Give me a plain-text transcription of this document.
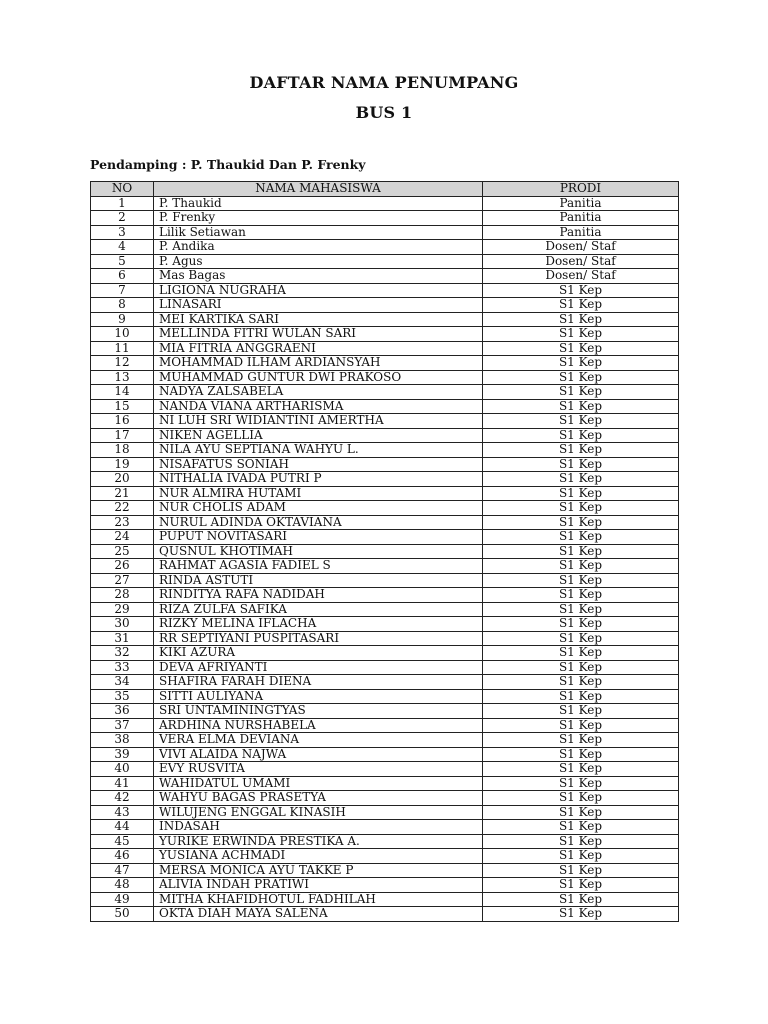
DAFTAR NAMA PENUMPANG
BUS 1
Pendamping : P. Thaukid Dan P. Frenky
NO	NAMA MAHASISWA	PRODI
1	P. Thaukid	Panitia
2	P. Frenky	Panitia
3	Lilik Setiawan	Panitia
4	P. Andika	Dosen/ Staf
5	P. Agus	Dosen/ Staf
6	Mas Bagas	Dosen/ Staf
7	LIGIONA NUGRAHA	S1 Kep
8	LINASARI	S1 Kep
9	MEI KARTIKA SARI	S1 Kep
10	MELLINDA FITRI WULAN SARI	S1 Kep
11	MIA FITRIA ANGGRAENI	S1 Kep
12	MOHAMMAD ILHAM ARDIANSYAH	S1 Kep
13	MUHAMMAD GUNTUR DWI PRAKOSO	S1 Kep
14	NADYA ZALSABELA	S1 Kep
15	NANDA VIANA ARTHARISMA	S1 Kep
16	NI LUH SRI WIDIANTINI AMERTHA	S1 Kep
17	NIKEN AGELLIA	S1 Kep
18	NILA AYU SEPTIANA WAHYU L.	S1 Kep
19	NISAFATUS SONIAH	S1 Kep
20	NITHALIA IVADA PUTRI P	S1 Kep
21	NUR ALMIRA HUTAMI	S1 Kep
22	NUR CHOLIS ADAM	S1 Kep
23	NURUL ADINDA OKTAVIANA	S1 Kep
24	PUPUT NOVITASARI	S1 Kep
25	QUSNUL KHOTIMAH	S1 Kep
26	RAHMAT AGASIA FADIEL S	S1 Kep
27	RINDA ASTUTI	S1 Kep
28	RINDITYA RAFA NADIDAH	S1 Kep
29	RIZA ZULFA SAFIKA	S1 Kep
30	RIZKY MELINA IFLACHA	S1 Kep
31	RR SEPTIYANI PUSPITASARI	S1 Kep
32	KIKI AZURA	S1 Kep
33	DEVA AFRIYANTI	S1 Kep
34	SHAFIRA FARAH DIENA	S1 Kep
35	SITTI AULIYANA	S1 Kep
36	SRI UNTAMININGTYAS	S1 Kep
37	ARDHINA NURSHABELA	S1 Kep
38	VERA ELMA DEVIANA	S1 Kep
39	VIVI ALAIDA NAJWA	S1 Kep
40	EVY RUSVITA	S1 Kep
41	WAHIDATUL UMAMI	S1 Kep
42	WAHYU BAGAS PRASETYA	S1 Kep
43	WILUJENG ENGGAL KINASIH	S1 Kep
44	INDASAH	S1 Kep
45	YURIKE ERWINDA PRESTIKA A.	S1 Kep
46	YUSIANA ACHMADI	S1 Kep
47	MERSA MONICA AYU TAKKE P	S1 Kep
48	ALIVIA INDAH PRATIWI	S1 Kep
49	MITHA KHAFIDHOTUL FADHILAH	S1 Kep
50	OKTA DIAH MAYA SALENA	S1 Kep
